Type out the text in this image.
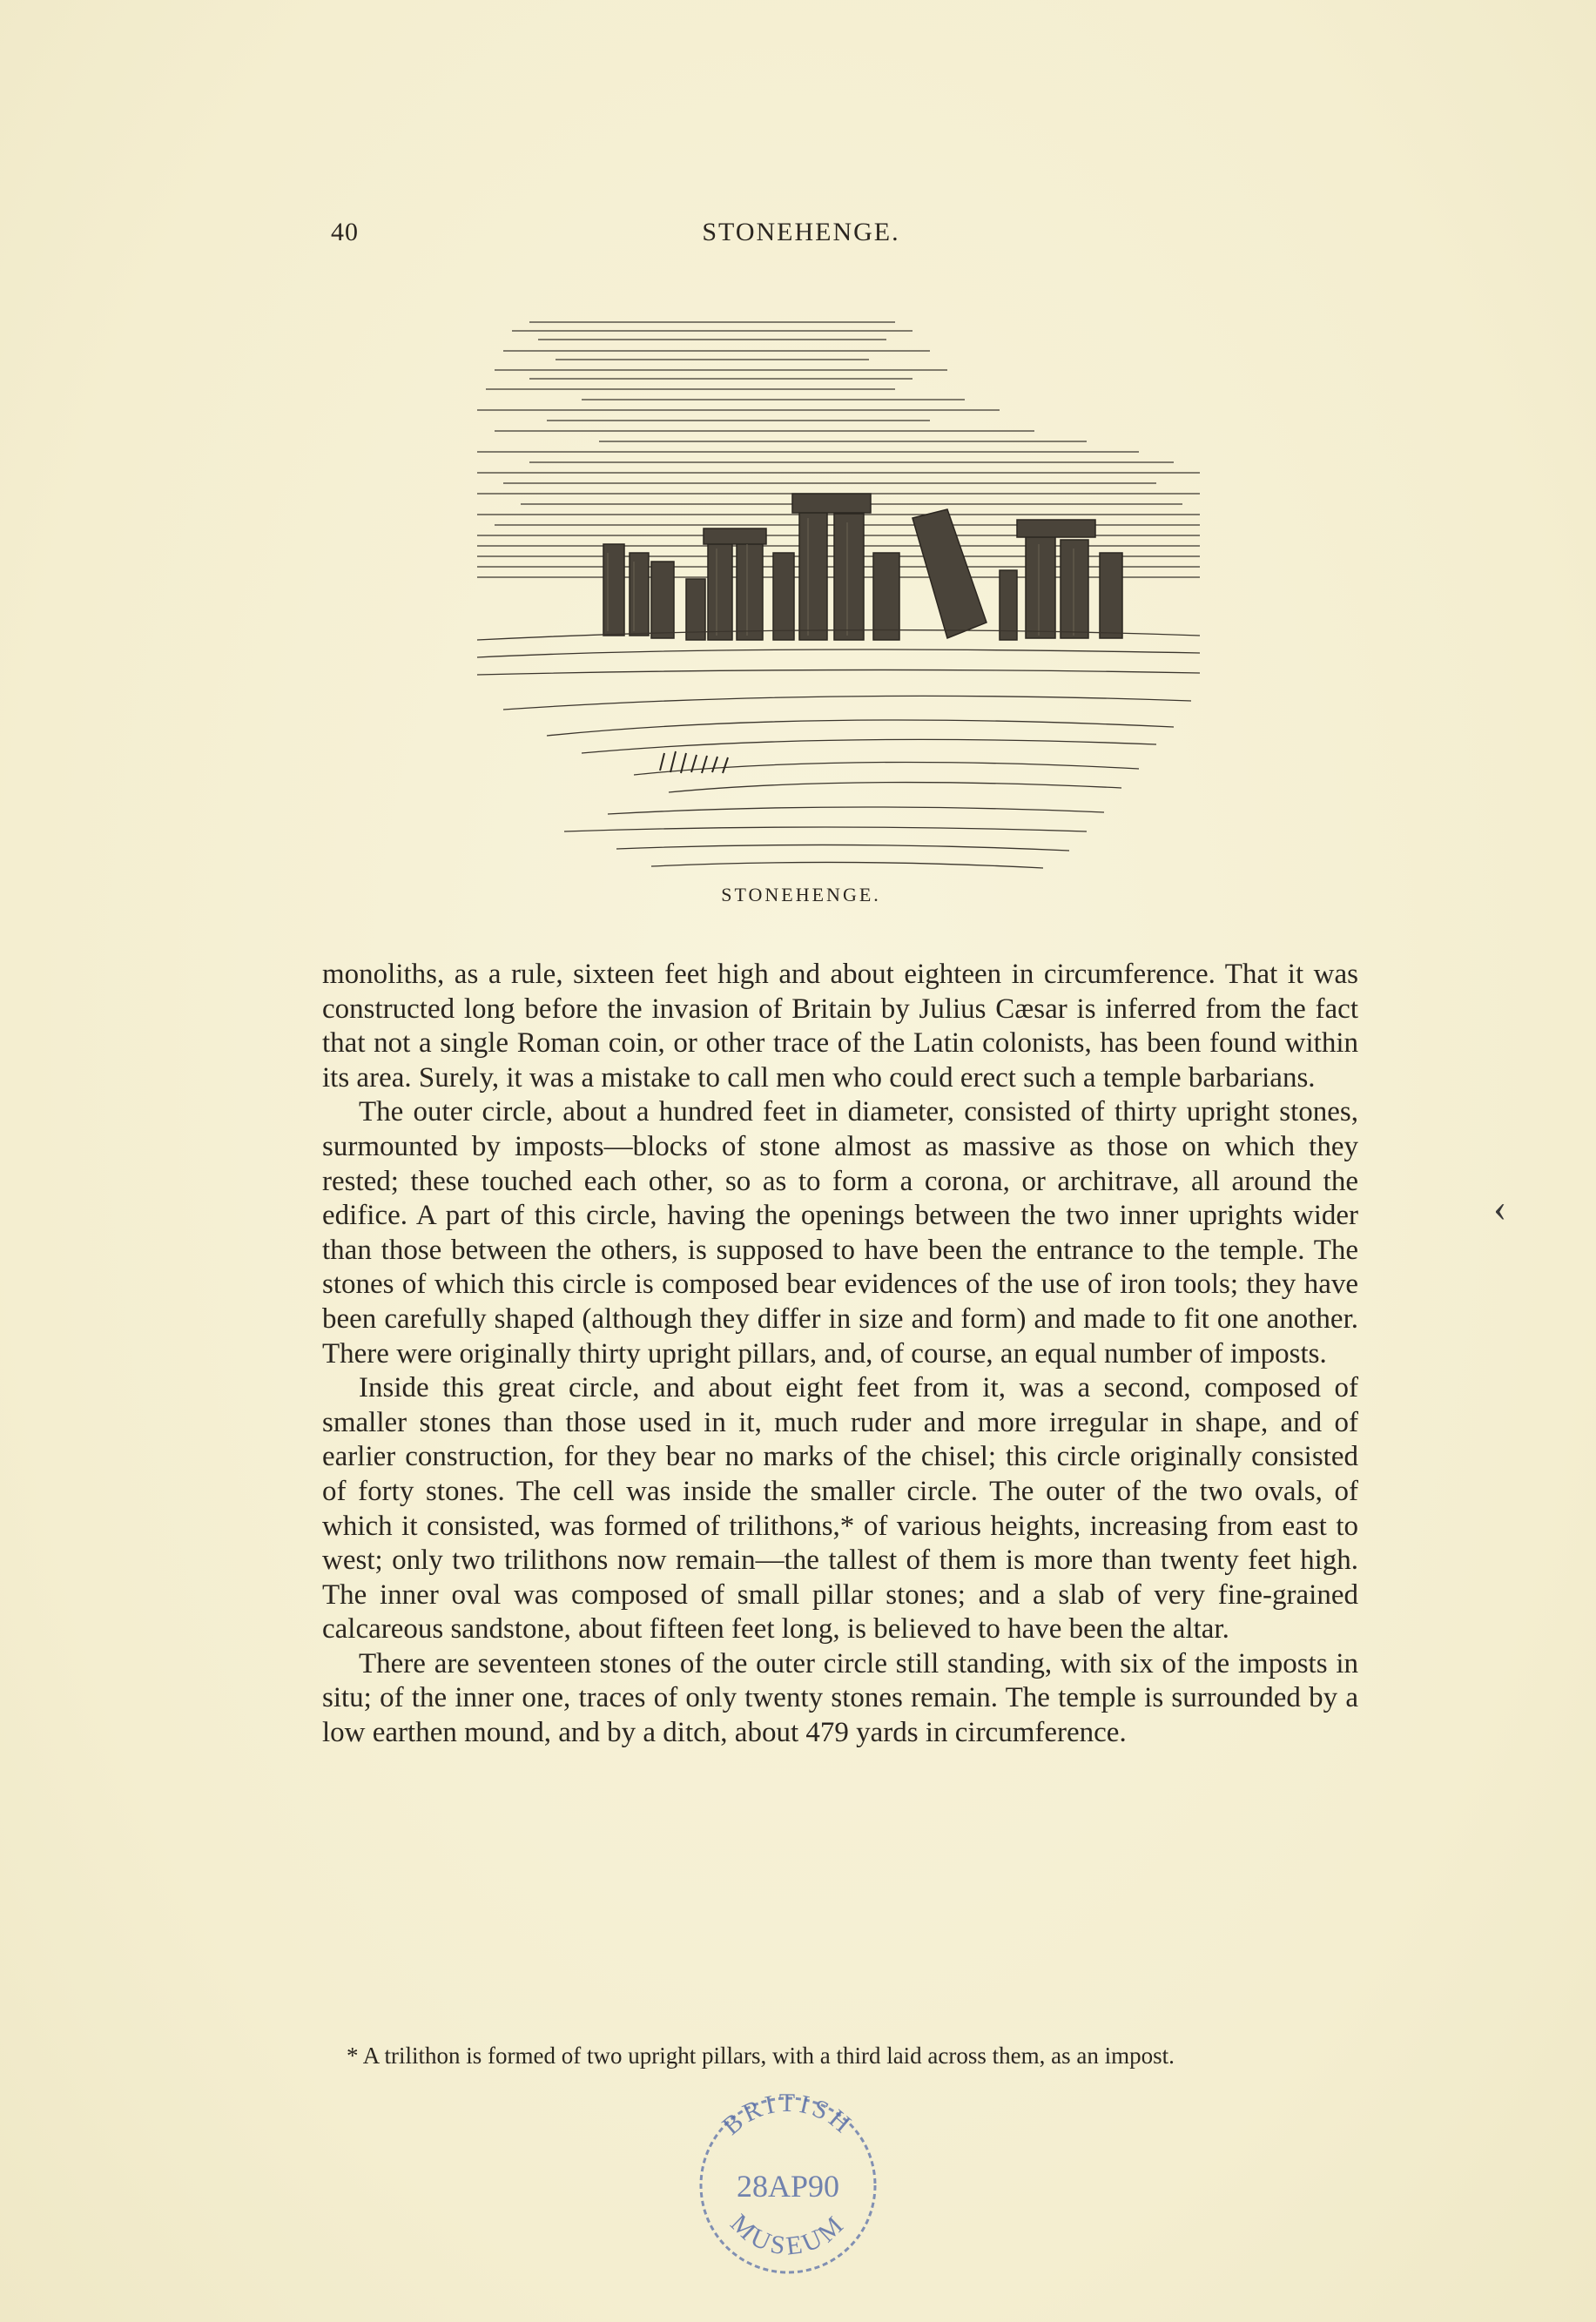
40	STONEHENGE.
STONEHENGE.

monoliths, as a rule, sixteen feet high and about eighteen in circumference. That it was constructed long before the invasion of Britain by Julius Cæsar is inferred from the fact that not a single Roman coin, or other trace of the Latin colonists, has been found within its area. Surely, it was a mistake to call men who could erect such a temple barbarians.

The outer circle, about a hundred feet in diameter, consisted of thirty upright stones, surmounted by imposts—blocks of stone almost as massive as those on which they rested; these touched each other, so as to form a corona, or architrave, all around the edifice. A part of this circle, having the openings between the two inner uprights wider than those between the others, is supposed to have been the entrance to the temple. The stones of which this circle is composed bear evidences of the use of iron tools; they have been carefully shaped (although they differ in size and form) and made to fit one another. There were originally thirty upright pillars, and, of course, an equal number of imposts.

Inside this great circle, and about eight feet from it, was a second, composed of smaller stones than those used in it, much ruder and more irregular in shape, and of earlier construction, for they bear no marks of the chisel; this circle originally consisted of forty stones. The cell was inside the smaller circle. The outer of the two ovals, of which it consisted, was formed of trilithons,* of various heights, increasing from east to west; only two trilithons now remain—the tallest of them is more than twenty feet high. The inner oval was composed of small pillar stones; and a slab of very fine-grained calcareous sandstone, about fifteen feet long, is believed to have been the altar.

There are seventeen stones of the outer circle still standing, with six of the imposts in situ; of the inner one, traces of only twenty stones remain. The temple is surrounded by a low earthen mound, and by a ditch, about 479 yards in circumference.

* A trilithon is formed of two upright pillars, with a third laid across them, as an impost.
‹
BRITISH
28AP90
MUSEUM
